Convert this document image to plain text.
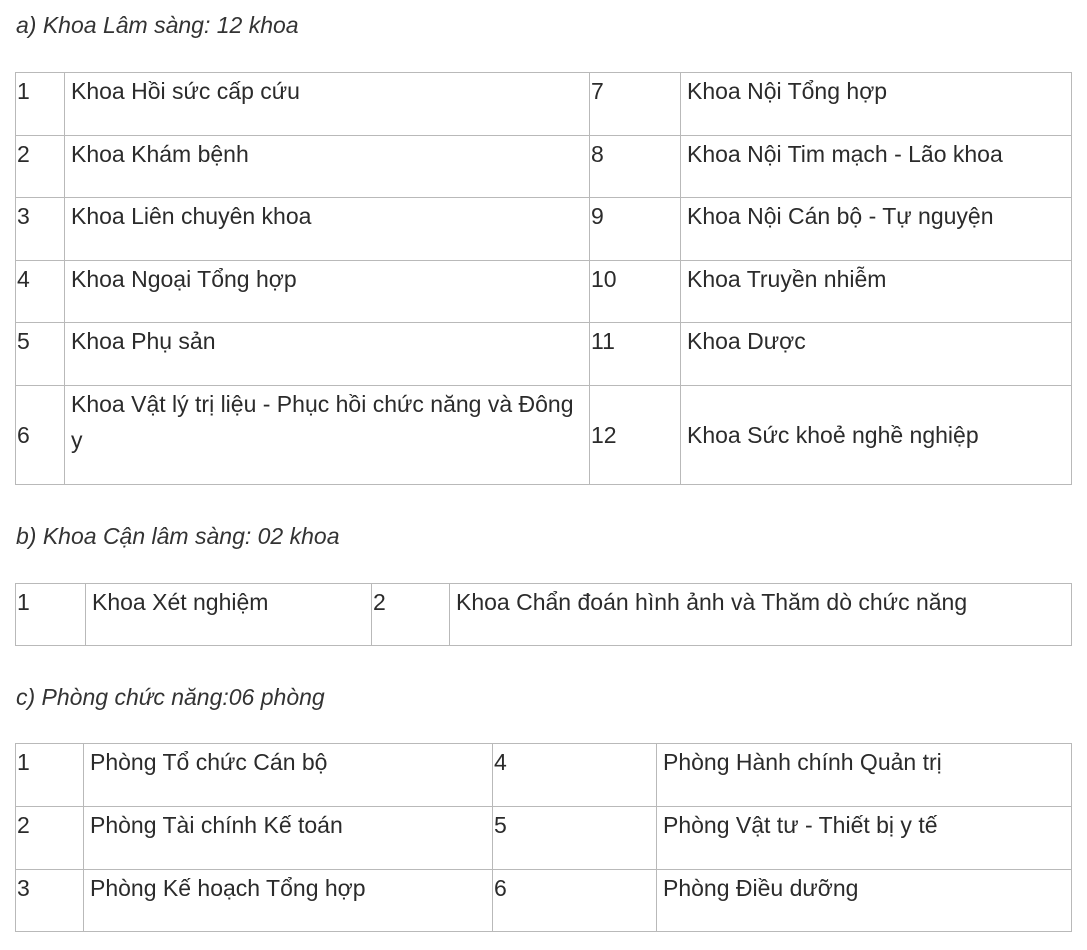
a) Khoa Lâm sàng: 12 khoa
1	Khoa Hồi sức cấp cứu	7	Khoa Nội Tổng hợp
2	Khoa Khám bệnh	8	Khoa Nội Tim mạch - Lão khoa
3	Khoa Liên chuyên khoa	9	Khoa Nội Cán bộ - Tự nguyện
4	Khoa Ngoại Tổng hợp	10	Khoa Truyền nhiễm
5	Khoa Phụ sản	11	Khoa Dược
6	Khoa Vật lý trị liệu - Phục hồi chức năng và Đông y	12	Khoa Sức khoẻ nghề nghiệp
b) Khoa Cận lâm sàng: 02 khoa
1	Khoa Xét nghiệm	2	Khoa Chẩn đoán hình ảnh và Thăm dò chức năng
c) Phòng chức năng:06 phòng
1	Phòng Tổ chức Cán bộ	4	Phòng Hành chính Quản trị
2	Phòng Tài chính Kế toán	5	Phòng Vật tư - Thiết bị y tế
3	Phòng Kế hoạch Tổng hợp	6	Phòng Điều dưỡng
